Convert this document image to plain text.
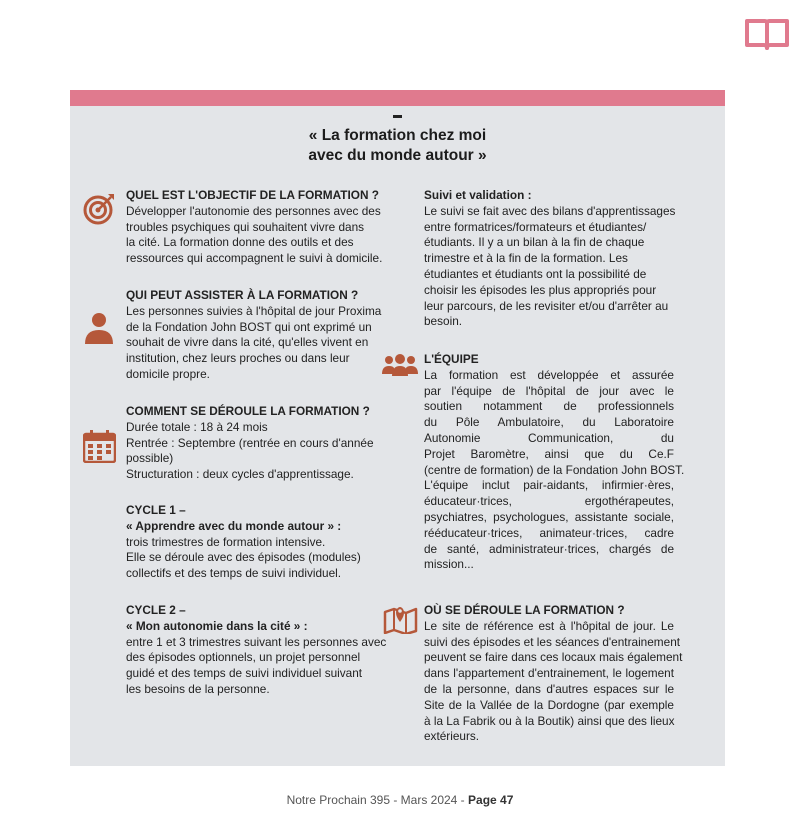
« La formation chez moi
avec du monde autour »
QUEL EST L'OBJECTIF DE LA FORMATION ?
Développer l'autonomie des personnes avec des
troubles psychiques qui souhaitent vivre dans
la cité. La formation donne des outils et des
ressources qui accompagnent le suivi à domicile.
QUI PEUT ASSISTER À LA FORMATION ?
Les personnes suivies à l'hôpital de jour Proxima
de la Fondation John BOST qui ont exprimé un
souhait de vivre dans la cité, qu'elles vivent en
institution, chez leurs proches ou dans leur
domicile propre.
COMMENT SE DÉROULE LA FORMATION ?
Durée totale : 18 à 24 mois
Rentrée : Septembre (rentrée en cours d'année
possible)
Structuration : deux cycles d'apprentissage.
CYCLE 1 –
« Apprendre avec du monde autour » :
trois trimestres de formation intensive.
Elle se déroule avec des épisodes (modules)
collectifs et des temps de suivi individuel.
CYCLE 2 –
« Mon autonomie dans la cité » :
entre 1 et 3 trimestres suivant les personnes avec
des épisodes optionnels, un projet personnel
guidé et des temps de suivi individuel suivant
les besoins de la personne.
Suivi et validation :
Le suivi se fait avec des bilans d'apprentissages
entre formatrices/formateurs et étudiantes/
étudiants. Il y a un bilan à la fin de chaque
trimestre et à la fin de la formation. Les
étudiantes et étudiants ont la possibilité de
choisir les épisodes les plus appropriés pour
leur parcours, de les revisiter et/ou d'arrêter au
besoin.
L'ÉQUIPE
La formation est développée et assurée
par l'équipe de l'hôpital de jour avec le
soutien notamment de professionnels
du Pôle Ambulatoire, du Laboratoire
Autonomie Communication, du
Projet Baromètre, ainsi que du Ce.F
(centre de formation) de la Fondation John BOST.
L'équipe inclut pair-aidants, infirmier·ères,
éducateur·trices, ergothérapeutes,
psychiatres, psychologues, assistante sociale,
rééducateur·trices, animateur·trices, cadre
de santé, administrateur·trices, chargés de
mission...
OÙ SE DÉROULE LA FORMATION ?
Le site de référence est à l'hôpital de jour. Le
suivi des épisodes et les séances d'entrainement
peuvent se faire dans ces locaux mais également
dans l'appartement d'entrainement, le logement
de la personne, dans d'autres espaces sur le
Site de la Vallée de la Dordogne (par exemple
à la La Fabrik ou à la Boutik) ainsi que des lieux
extérieurs.
Notre Prochain 395 - Mars 2024 - Page 47
